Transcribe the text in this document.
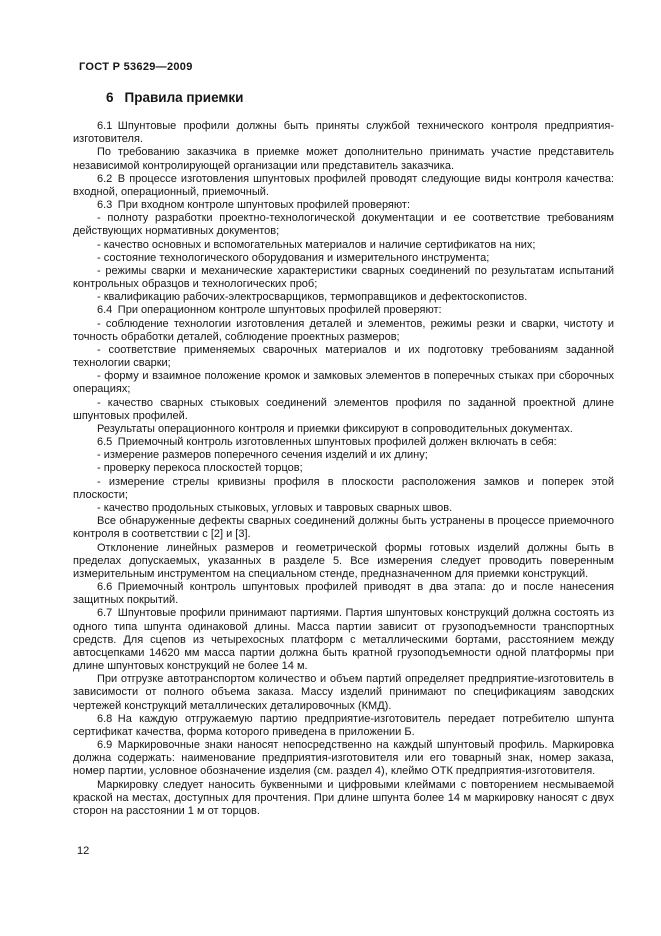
ГОСТ Р 53629—2009
6 Правила приемки

6.1 Шпунтовые профили должны быть приняты службой технического контроля предприятия-изготовителя.

По требованию заказчика в приемке может дополнительно принимать участие представитель независимой контролирующей организации или представитель заказчика.

6.2 В процессе изготовления шпунтовых профилей проводят следующие виды контроля качества: входной, операционный, приемочный.

6.3 При входном контроле шпунтовых профилей проверяют:

- полноту разработки проектно-технологической документации и ее соответствие требованиям действующих нормативных документов;

- качество основных и вспомогательных материалов и наличие сертификатов на них;

- состояние технологического оборудования и измерительного инструмента;

- режимы сварки и механические характеристики сварных соединений по результатам испытаний контрольных образцов и технологических проб;

- квалификацию рабочих-электросварщиков, термоправщиков и дефектоскопистов.

6.4 При операционном контроле шпунтовых профилей проверяют:

- соблюдение технологии изготовления деталей и элементов, режимы резки и сварки, чистоту и точность обработки деталей, соблюдение проектных размеров;

- соответствие применяемых сварочных материалов и их подготовку требованиям заданной технологии сварки;

- форму и взаимное положение кромок и замковых элементов в поперечных стыках при сборочных операциях;

- качество сварных стыковых соединений элементов профиля по заданной проектной длине шпунтовых профилей.

Результаты операционного контроля и приемки фиксируют в сопроводительных документах.

6.5 Приемочный контроль изготовленных шпунтовых профилей должен включать в себя:

- измерение размеров поперечного сечения изделий и их длину;

- проверку перекоса плоскостей торцов;

- измерение стрелы кривизны профиля в плоскости расположения замков и поперек этой плоскости;

- качество продольных стыковых, угловых и тавровых сварных швов.

Все обнаруженные дефекты сварных соединений должны быть устранены в процессе приемочного контроля в соответствии с [2] и [3].

Отклонение линейных размеров и геометрической формы готовых изделий должны быть в пределах допускаемых, указанных в разделе 5. Все измерения следует проводить поверенным измерительным инструментом на специальном стенде, предназначенном для приемки конструкций.

6.6 Приемочный контроль шпунтовых профилей приводят в два этапа: до и после нанесения защитных покрытий.

6.7 Шпунтовые профили принимают партиями. Партия шпунтовых конструкций должна состоять из одного типа шпунта одинаковой длины. Масса партии зависит от грузоподъемности транспортных средств. Для сцепов из четырехосных платформ с металлическими бортами, расстоянием между автосцепками 14620 мм масса партии должна быть кратной грузоподъемности одной платформы при длине шпунтовых конструкций не более 14 м.

При отгрузке автотранспортом количество и объем партий определяет предприятие-изготовитель в зависимости от полного объема заказа. Массу изделий принимают по спецификациям заводских чертежей конструкций металлических деталировочных (КМД).

6.8 На каждую отгружаемую партию предприятие-изготовитель передает потребителю шпунта сертификат качества, форма которого приведена в приложении Б.

6.9 Маркировочные знаки наносят непосредственно на каждый шпунтовый профиль. Маркировка должна содержать: наименование предприятия-изготовителя или его товарный знак, номер заказа, номер партии, условное обозначение изделия (см. раздел 4), клеймо ОТК предприятия-изготовителя.

Маркировку следует наносить буквенными и цифровыми клеймами с повторением несмываемой краской на местах, доступных для прочтения. При длине шпунта более 14 м маркировку наносят с двух сторон на расстоянии 1 м от торцов.

12
